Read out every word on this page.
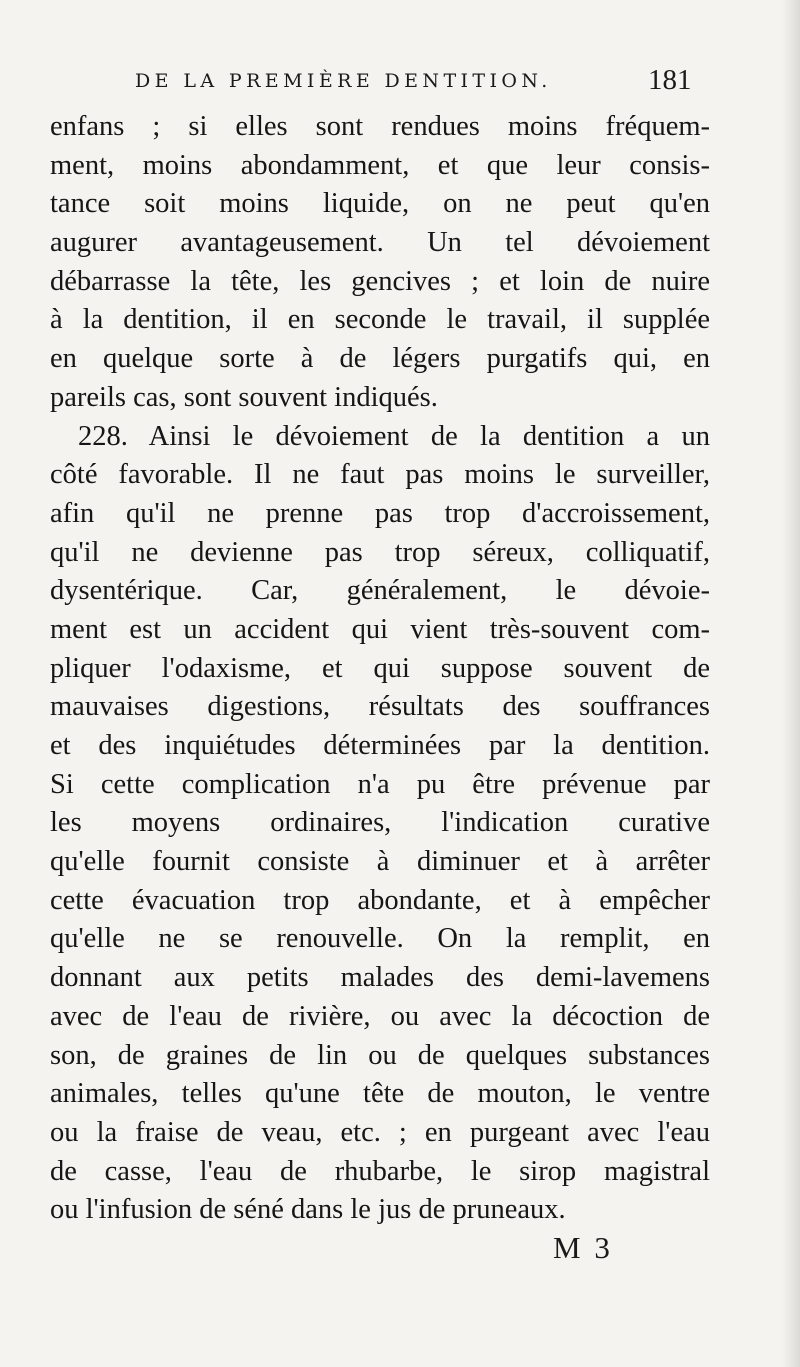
DE LA PREMIÈRE DENTITION.	181
enfans ; si elles sont rendues moins fréquem-
ment, moins abondamment, et que leur consis-
tance soit moins liquide, on ne peut qu'en
augurer avantageusement. Un tel dévoiement
débarrasse la tête, les gencives ; et loin de nuire
à la dentition, il en seconde le travail, il supplée
en quelque sorte à de légers purgatifs qui, en
pareils cas, sont souvent indiqués.
228. Ainsi le dévoiement de la dentition a un
côté favorable. Il ne faut pas moins le surveiller,
afin qu'il ne prenne pas trop d'accroissement,
qu'il ne devienne pas trop séreux, colliquatif,
dysentérique. Car, généralement, le dévoie-
ment est un accident qui vient très-souvent com-
pliquer l'odaxisme, et qui suppose souvent de
mauvaises digestions, résultats des souffrances
et des inquiétudes déterminées par la dentition.
Si cette complication n'a pu être prévenue par
les moyens ordinaires, l'indication curative
qu'elle fournit consiste à diminuer et à arrêter
cette évacuation trop abondante, et à empêcher
qu'elle ne se renouvelle. On la remplit, en
donnant aux petits malades des demi-lavemens
avec de l'eau de rivière, ou avec la décoction de
son, de graines de lin ou de quelques substances
animales, telles qu'une tête de mouton, le ventre
ou la fraise de veau, etc. ; en purgeant avec l'eau
de casse, l'eau de rhubarbe, le sirop magistral
ou l'infusion de séné dans le jus de pruneaux.
M 3
